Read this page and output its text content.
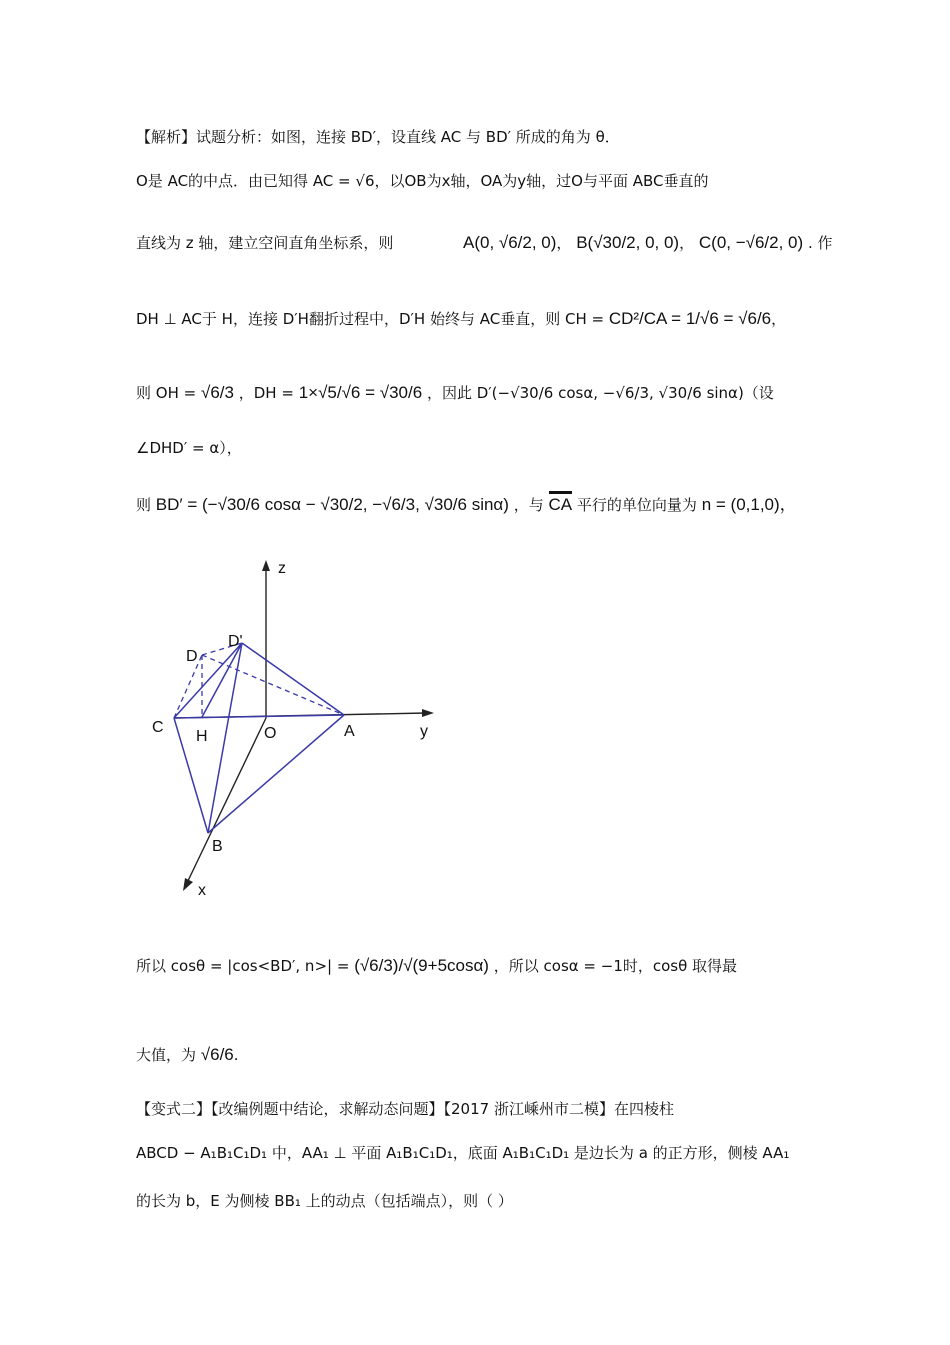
【解析】试题分析：如图，连接 BD′，设直线 AC 与 BD′ 所成的角为 θ．
O是 AC的中点．由已知得 AC = √6，以OB为x轴，OA为y轴，过O与平面 ABC垂直的
直线为 z 轴，建立空间直角坐标系，则	A(0, √6/2, 0)， B(√30/2, 0, 0)， C(0, −√6/2, 0) . 作
DH ⊥ AC于 H，连接 D′H翻折过程中，D′H 始终与 AC垂直，则 CH = CD²/CA = 1/√6 = √6/6，
则 OH = √6/3 ，DH = 1×√5/√6 = √30/6 ，因此 D′(−√30/6 cosα, −√6/3, √30/6 sinα)（设
∠DHD′ = α），
则 BD′ = (−√30/6 cosα − √30/2, −√6/3, √30/6 sinα) ，与 CA 平行的单位向量为 n = (0,1,0)，
z
y
x
C
H	O	A
B
D
D'
所以 cosθ = |cos<BD′, n>| = (√6/3)/√(9+5cosα) ，所以 cosα = −1时，cosθ 取得最
大值，为 √6/6.
【变式二】【改编例题中结论，求解动态问题】【2017 浙江嵊州市二模】在四棱柱
ABCD − A₁B₁C₁D₁ 中，AA₁ ⊥ 平面 A₁B₁C₁D₁，底面 A₁B₁C₁D₁ 是边长为 a 的正方形，侧棱 AA₁
的长为 b，E 为侧棱 BB₁ 上的动点（包括端点），则（ ）
